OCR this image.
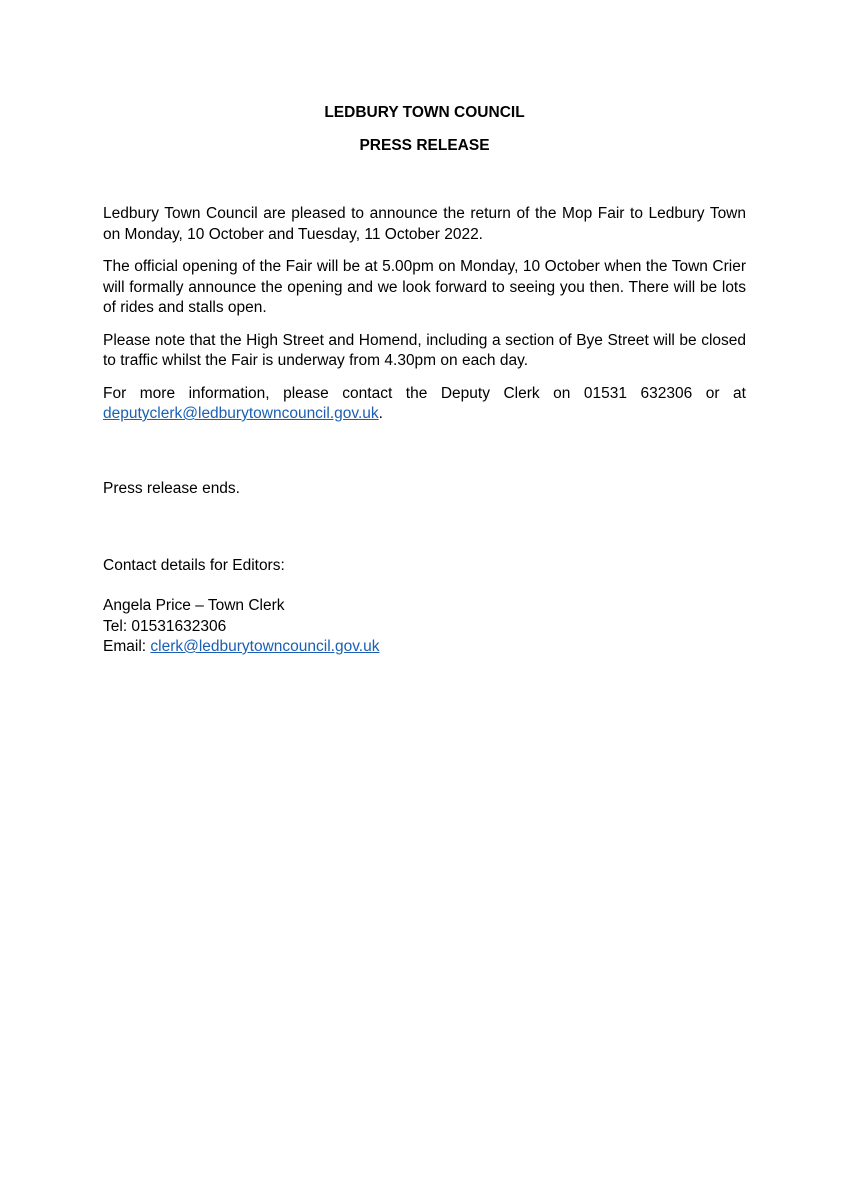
LEDBURY TOWN COUNCIL

PRESS RELEASE

Ledbury Town Council are pleased to announce the return of the Mop Fair to Ledbury Town on Monday, 10 October and Tuesday, 11 October 2022.

The official opening of the Fair will be at 5.00pm on Monday, 10 October when the Town Crier will formally announce the opening and we look forward to seeing you then. There will be lots of rides and stalls open.

Please note that the High Street and Homend, including a section of Bye Street will be closed to traffic whilst the Fair is underway from 4.30pm on each day.

For more information, please contact the Deputy Clerk on 01531 632306 or at deputyclerk@ledburytowncouncil.gov.uk.

Press release ends.

Contact details for Editors:

Angela Price – Town Clerk
Tel: 01531632306
Email: clerk@ledburytowncouncil.gov.uk
